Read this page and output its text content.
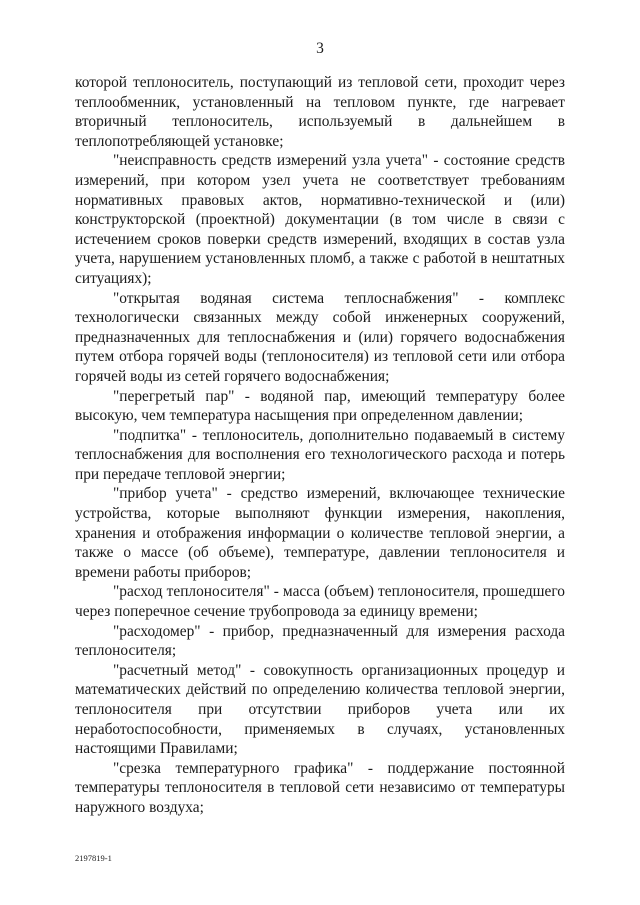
3

которой теплоноситель, поступающий из тепловой сети, проходит через теплообменник, установленный на тепловом пункте, где нагревает вторичный теплоноситель, используемый в дальнейшем в теплопотребляющей установке;

"неисправность средств измерений узла учета" - состояние средств измерений, при котором узел учета не соответствует требованиям нормативных правовых актов, нормативно-технической и (или) конструкторской (проектной) документации (в том числе в связи с истечением сроков поверки средств измерений, входящих в состав узла учета, нарушением установленных пломб, а также с работой в нештатных ситуациях);

"открытая водяная система теплоснабжения" - комплекс технологически связанных между собой инженерных сооружений, предназначенных для теплоснабжения и (или) горячего водоснабжения путем отбора горячей воды (теплоносителя) из тепловой сети или отбора горячей воды из сетей горячего водоснабжения;

"перегретый пар" - водяной пар, имеющий температуру более высокую, чем температура насыщения при определенном давлении;

"подпитка" - теплоноситель, дополнительно подаваемый в систему теплоснабжения для восполнения его технологического расхода и потерь при передаче тепловой энергии;

"прибор учета" - средство измерений, включающее технические устройства, которые выполняют функции измерения, накопления, хранения и отображения информации о количестве тепловой энергии, а также о массе (об объеме), температуре, давлении теплоносителя и времени работы приборов;

"расход теплоносителя" - масса (объем) теплоносителя, прошедшего через поперечное сечение трубопровода за единицу времени;

"расходомер" - прибор, предназначенный для измерения расхода теплоносителя;

"расчетный метод" - совокупность организационных процедур и математических действий по определению количества тепловой энергии, теплоносителя при отсутствии приборов учета или их неработоспособности, применяемых в случаях, установленных настоящими Правилами;

"срезка температурного графика" - поддержание постоянной температуры теплоносителя в тепловой сети независимо от температуры наружного воздуха;

2197819-1
